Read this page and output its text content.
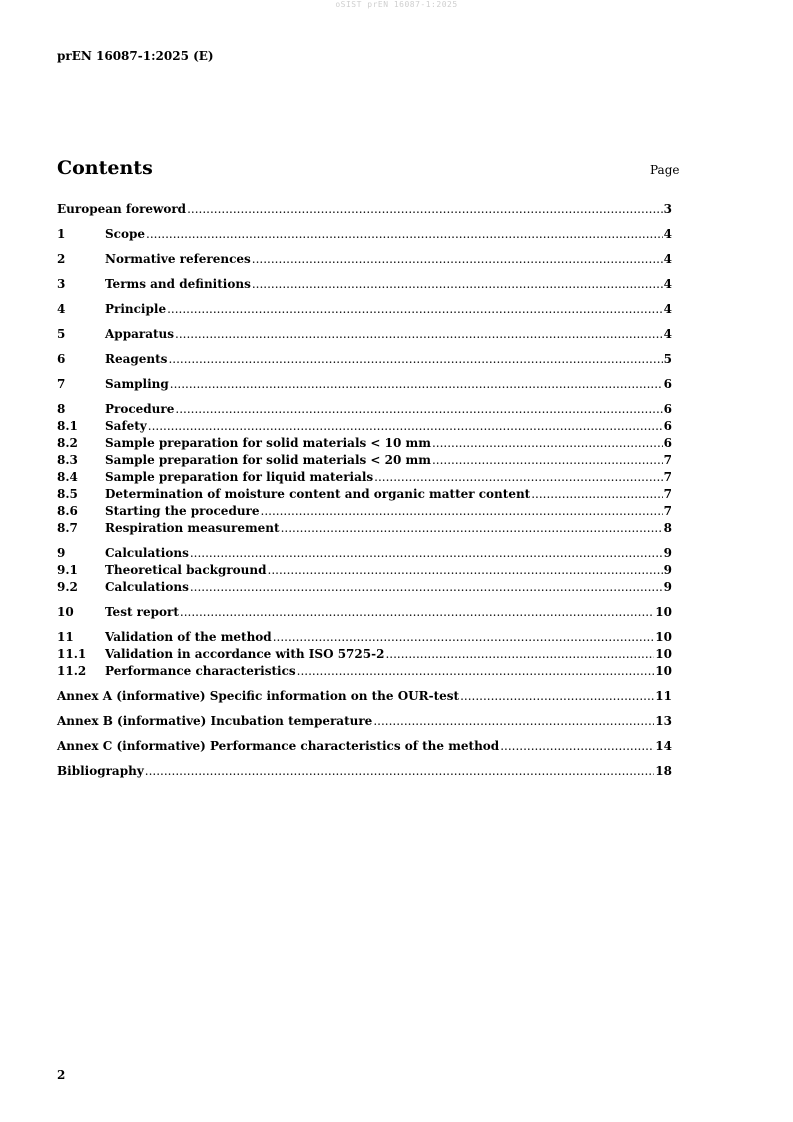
oSIST prEN 16087-1:2025
prEN 16087-1:2025 (E)
Contents	Page
European foreword .....	3
1	Scope .....	4
2	Normative references .....	4
3	Terms and definitions .....	4
4	Principle .....	4
5	Apparatus .....	4
6	Reagents .....	5
7	Sampling .....	6
8	Procedure .....	6
8.1	Safety .....	6
8.2	Sample preparation for solid materials < 10 mm .....	6
8.3	Sample preparation for solid materials < 20 mm .....	7
8.4	Sample preparation for liquid materials .....	7
8.5	Determination of moisture content and organic matter content .....	7
8.6	Starting the procedure .....	7
8.7	Respiration measurement .....	8
9	Calculations .....	9
9.1	Theoretical background .....	9
9.2	Calculations .....	9
10	Test report .....	10
11	Validation of the method .....	10
11.1	Validation in accordance with ISO 5725-2 .....	10
11.2	Performance characteristics .....	10
Annex A (informative) Specific information on the OUR-test .....	11
Annex B (informative) Incubation temperature .....	13
Annex C (informative) Performance characteristics of the method .....	14
Bibliography .....	18
2
